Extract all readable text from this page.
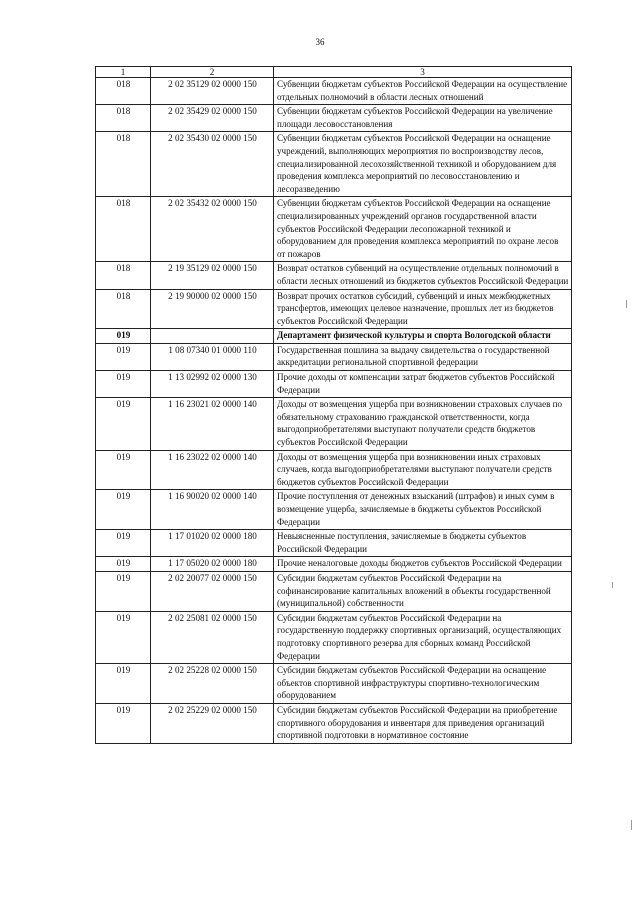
36
1	2	3
018	2 02 35129 02 0000 150	Субвенции бюджетам субъектов Российской Федерации на осуществление отдельных полномочий в области лесных отношений
018	2 02 35429 02 0000 150	Субвенции бюджетам субъектов Российской Федерации на увеличение площади лесовосстановления
018	2 02 35430 02 0000 150	Субвенции бюджетам субъектов Российской Федерации на оснащение учреждений, выполняющих мероприятия по воспроизводству лесов, специализированной лесохозяйственной техникой и оборудованием для проведения комплекса мероприятий по лесовосстановлению и лесоразведению
018	2 02 35432 02 0000 150	Субвенции бюджетам субъектов Российской Федерации на оснащение специализированных учреждений органов государственной власти субъектов Российской Федерации лесопожарной техникой и оборудованием для проведения комплекса мероприятий по охране лесов от пожаров
018	2 19 35129 02 0000 150	Возврат остатков субвенций на осуществление отдельных полномочий в области лесных отношений из бюджетов субъектов Российской Федерации
018	2 19 90000 02 0000 150	Возврат прочих остатков субсидий, субвенций и иных межбюджетных трансфертов, имеющих целевое назначение, прошлых лет из бюджетов субъектов Российской Федерации
019		Департамент физической культуры и спорта Вологодской области
019	1 08 07340 01 0000 110	Государственная пошлина за выдачу свидетельства о государственной аккредитации региональной спортивной федерации
019	1 13 02992 02 0000 130	Прочие доходы от компенсации затрат бюджетов субъектов Российской Федерации
019	1 16 23021 02 0000 140	Доходы от возмещения ущерба при возникновении страховых случаев по обязательному страхованию гражданской ответственности, когда выгодоприобретателями выступают получатели средств бюджетов субъектов Российской Федерации
019	1 16 23022 02 0000 140	Доходы от возмещения ущерба при возникновении иных страховых случаев, когда выгодоприобретателями выступают получатели средств бюджетов субъектов Российской Федерации
019	1 16 90020 02 0000 140	Прочие поступления от денежных взысканий (штрафов) и иных сумм в возмещение ущерба, зачисляемые в бюджеты субъектов Российской Федерации
019	1 17 01020 02 0000 180	Невыясненные поступления, зачисляемые в бюджеты субъектов Российской Федерации
019	1 17 05020 02 0000 180	Прочие неналоговые доходы бюджетов субъектов Российской Федерации
019	2 02 20077 02 0000 150	Субсидии бюджетам субъектов Российской Федерации на софинансирование капитальных вложений в объекты государственной (муниципальной) собственности
019	2 02 25081 02 0000 150	Субсидии бюджетам субъектов Российской Федерации на государственную поддержку спортивных организаций, осуществляющих подготовку спортивного резерва для сборных команд Российской Федерации
019	2 02 25228 02 0000 150	Субсидии бюджетам субъектов Российской Федерации на оснащение объектов спортивной инфраструктуры спортивно-технологическим оборудованием
019	2 02 25229 02 0000 150	Субсидии бюджетам субъектов Российской Федерации на приобретение спортивного оборудования и инвентаря для приведения организаций спортивной подготовки в нормативное состояние
